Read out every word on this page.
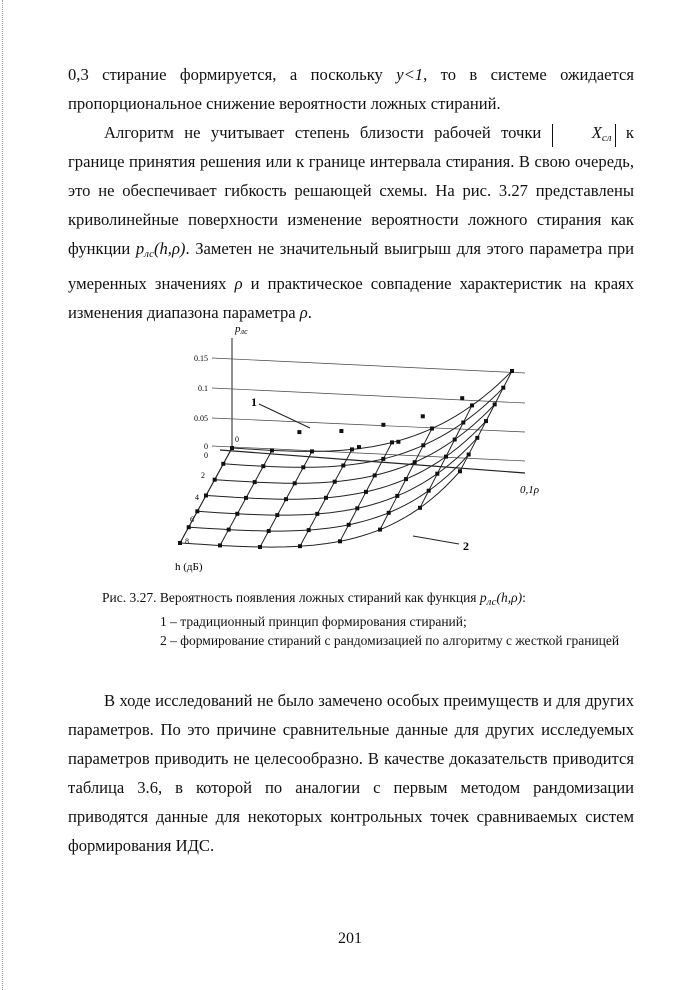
0,3 стирание формируется, а поскольку y<1, то в системе ожидается пропорциональное снижение вероятности ложных стираний.

Алгоритм не учитывает степень близости рабочей точки $X_{сл}$ к границе принятия решения или к границе интервала стирания. В свою очередь, это не обеспечивает гибкость решающей схемы. На рис. 3.27 представлены криволинейные поверхности изменение вероятности ложного стирания как функции $p_{лс}(h,\rho)$. Заметен не значительный выигрыш для этого параметра при умеренных значениях ρ и практическое совпадение характеристик на краях изменения диапазона параметра ρ.

pлс
0.15
0.1
0.05
0
0
0
2
4
6
8
0,1ρ
h (дБ)
1
2
Рис. 3.27. Вероятность появления ложных стираний как функция $p_{лс}(h,\rho)$:
1 – традиционный принцип формирования стираний;
2 – формирование стираний с рандомизацией по алгоритму с жесткой границей

В ходе исследований не было замечено особых преимуществ и для других параметров. По это причине сравнительные данные для других исследуемых параметров приводить не целесообразно. В качестве доказательств приводится таблица 3.6, в которой по аналогии с первым методом рандомизации приводятся данные для некоторых контрольных точек сравниваемых систем формирования ИДС.

201
